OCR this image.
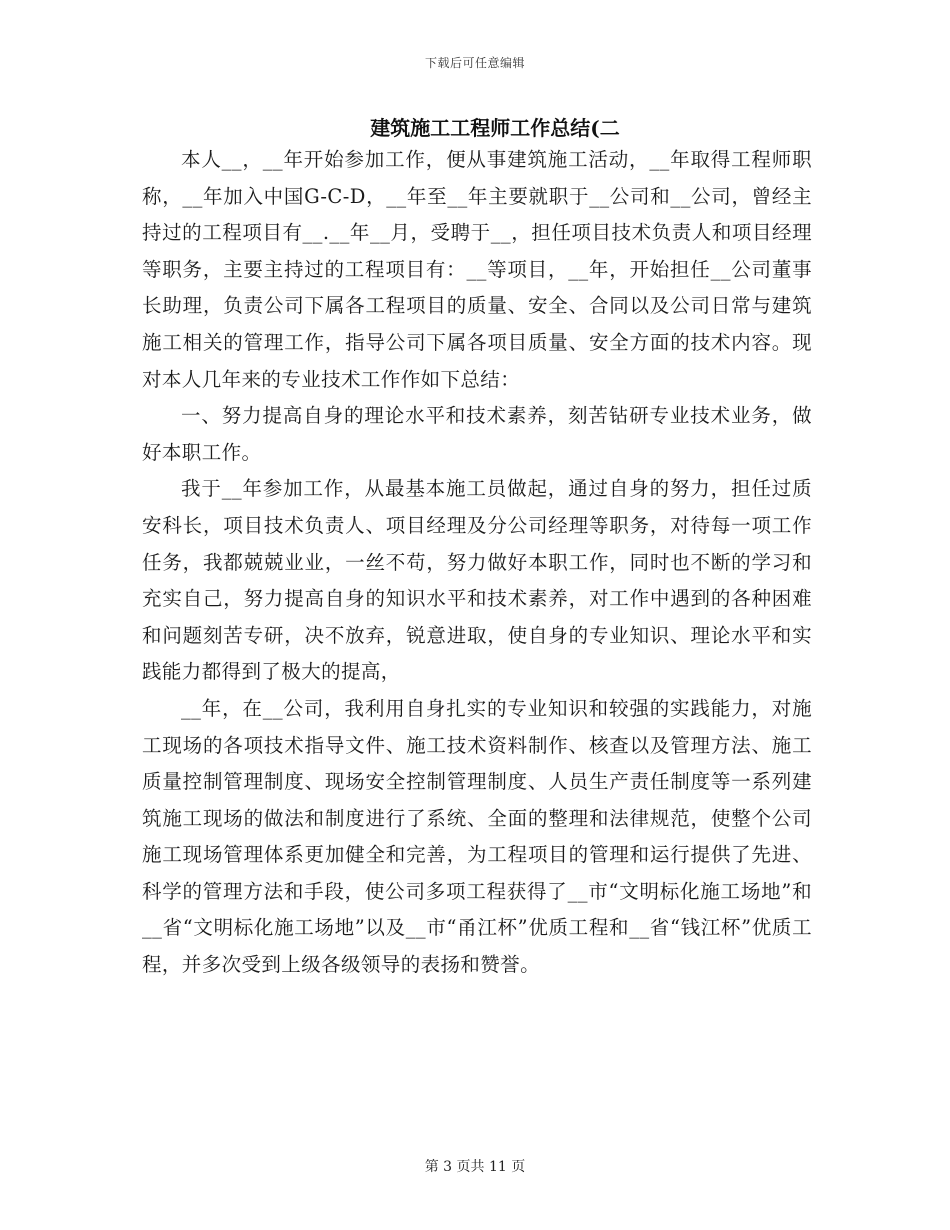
下载后可任意编辑
建筑施工工程师工作总结(二

本人__，__年开始参加工作，便从事建筑施工活动，__年取得工程师职称，__年加入中国G-C-D，__年至__年主要就职于__公司和__公司，曾经主持过的工程项目有__.__年__月，受聘于__，担任项目技术负责人和项目经理等职务，主要主持过的工程项目有：__等项目，__年，开始担任__公司董事长助理，负责公司下属各工程项目的质量、安全、合同以及公司日常与建筑施工相关的管理工作，指导公司下属各项目质量、安全方面的技术内容。现对本人几年来的专业技术工作作如下总结：

一、努力提高自身的理论水平和技术素养，刻苦钻研专业技术业务，做好本职工作。

我于__年参加工作，从最基本施工员做起，通过自身的努力，担任过质安科长，项目技术负责人、项目经理及分公司经理等职务，对待每一项工作任务，我都兢兢业业，一丝不苟，努力做好本职工作，同时也不断的学习和充实自己，努力提高自身的知识水平和技术素养，对工作中遇到的各种困难和问题刻苦专研，决不放弃，锐意进取，使自身的专业知识、理论水平和实践能力都得到了极大的提高，

__年，在__公司，我利用自身扎实的专业知识和较强的实践能力，对施工现场的各项技术指导文件、施工技术资料制作、核查以及管理方法、施工质量控制管理制度、现场安全控制管理制度、人员生产责任制度等一系列建筑施工现场的做法和制度进行了系统、全面的整理和法律规范，使整个公司施工现场管理体系更加健全和完善，为工程项目的管理和运行提供了先进、科学的管理方法和手段，使公司多项工程获得了__市“文明标化施工场地”和__省“文明标化施工场地”以及__市“甬江杯”优质工程和__省“钱江杯”优质工程，并多次受到上级各级领导的表扬和赞誉。

第 3 页共 11 页
